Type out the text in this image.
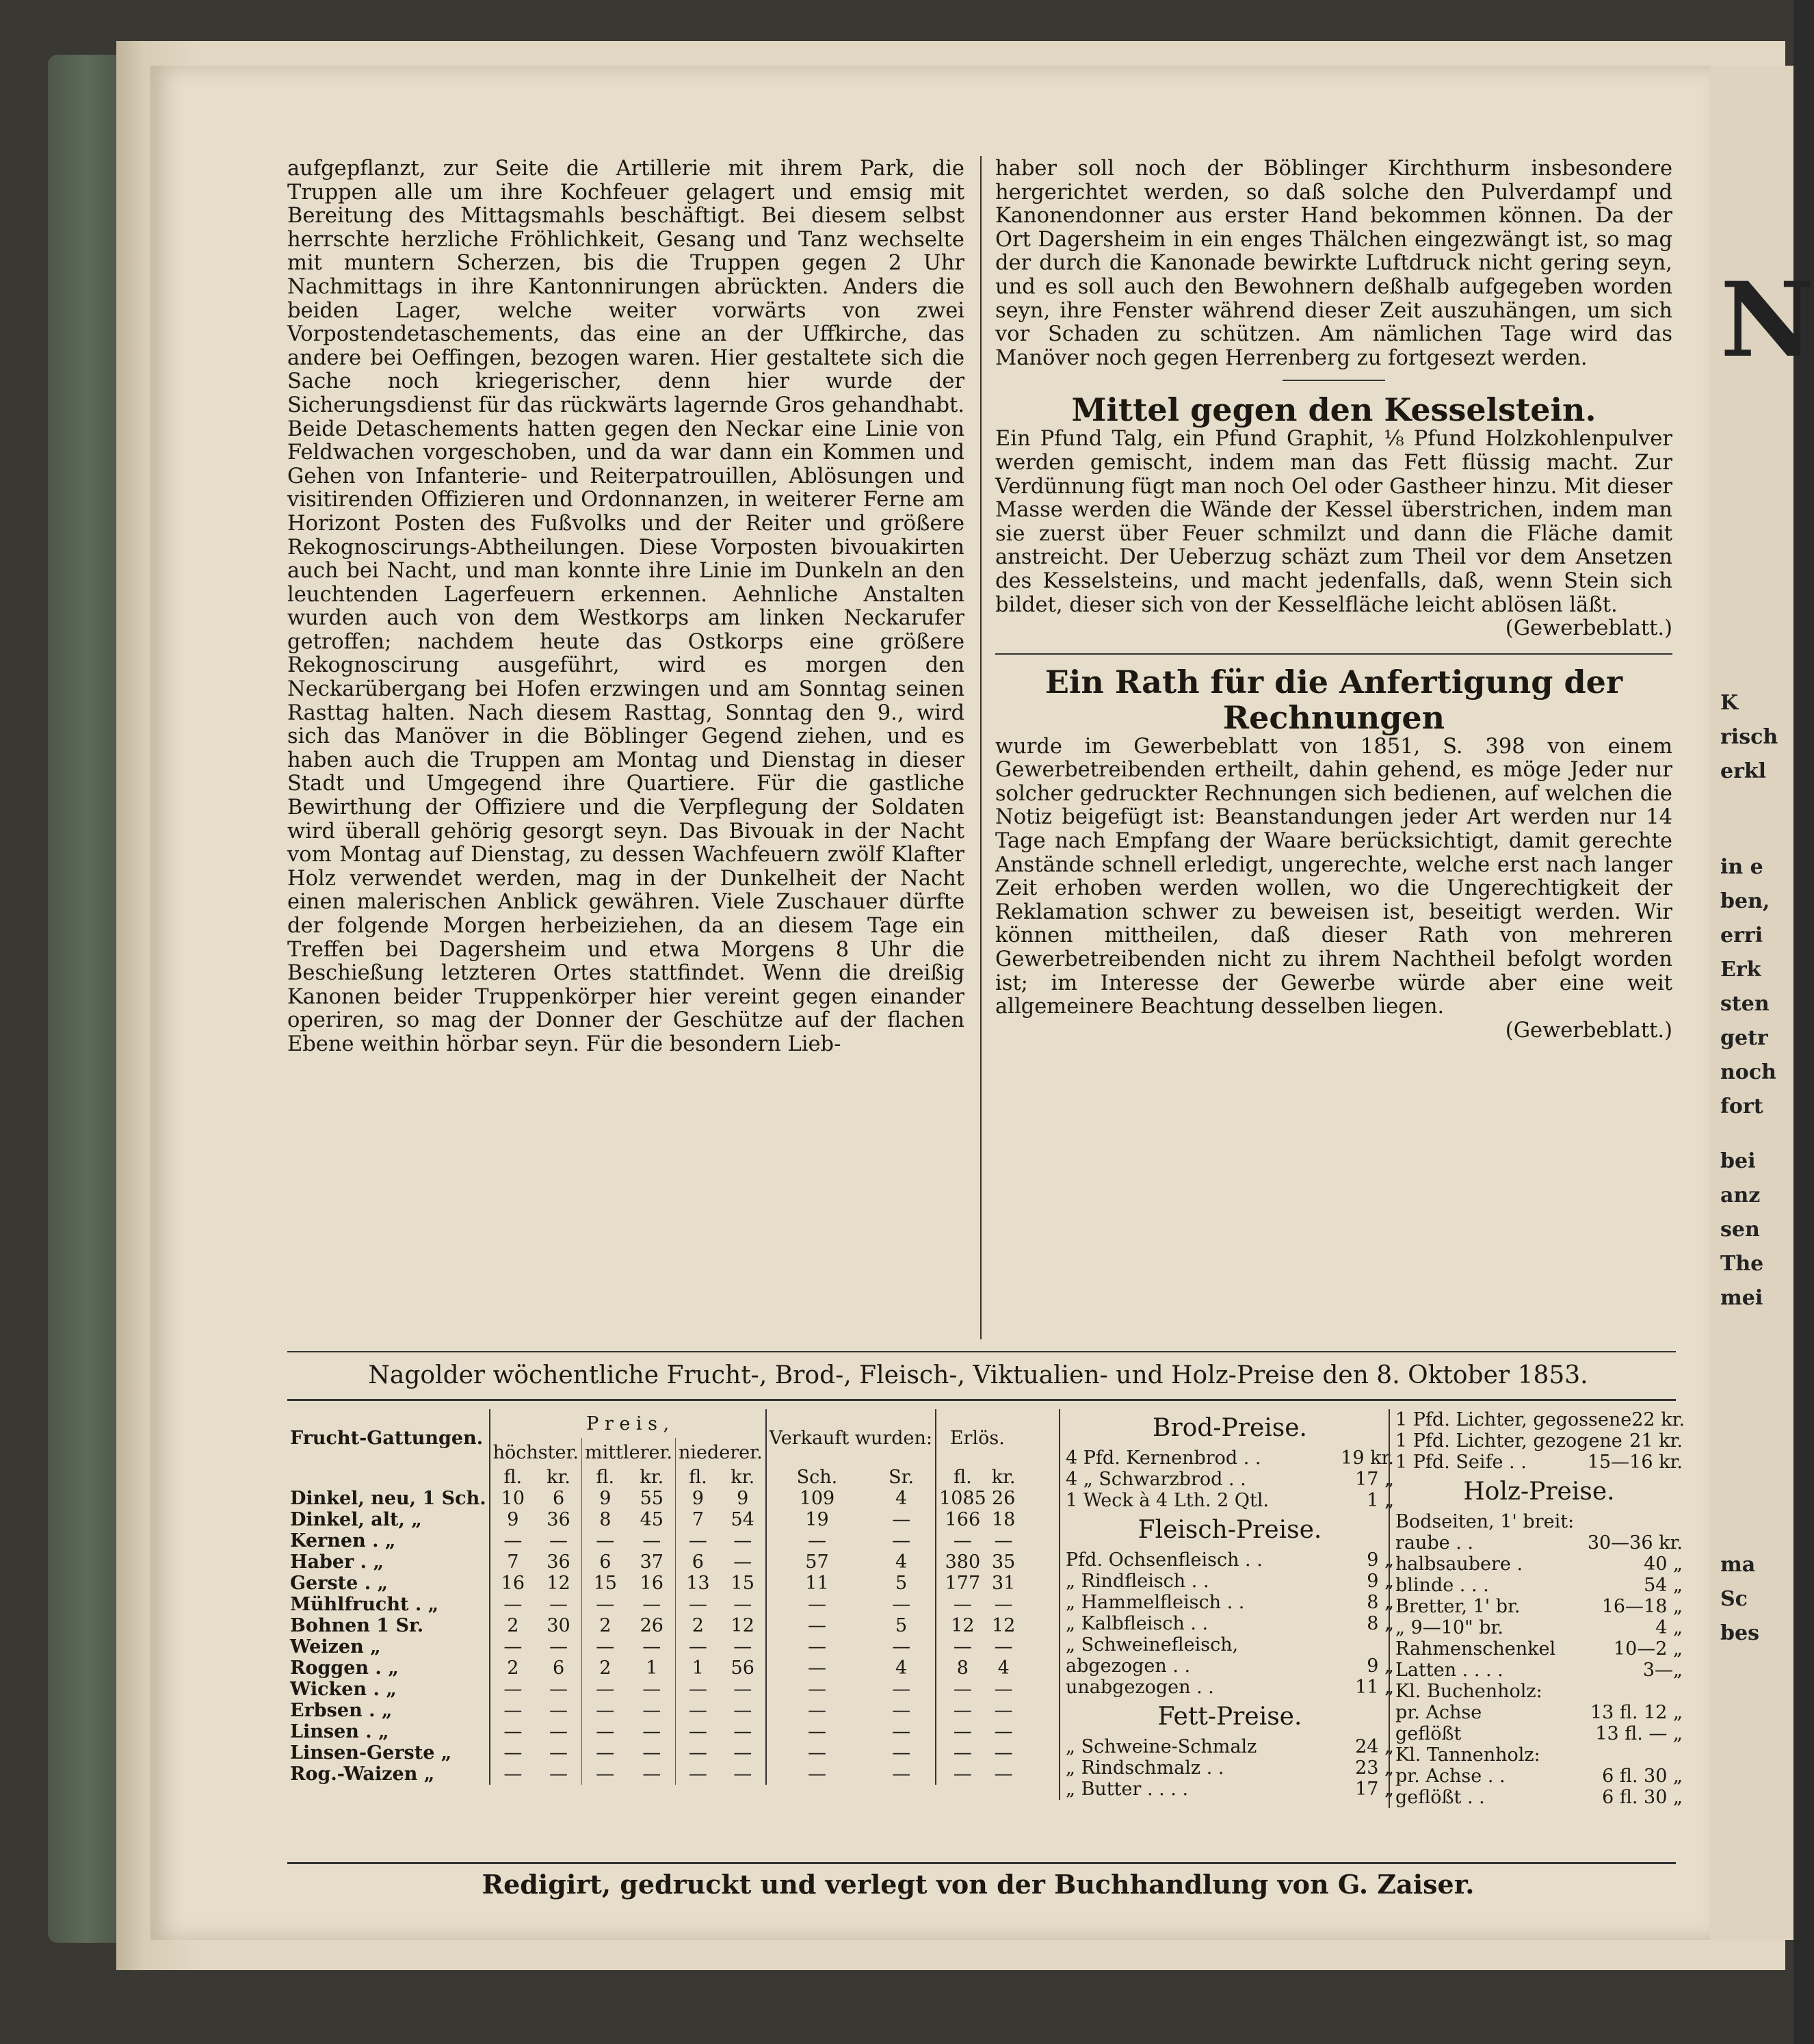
N
K
risch
erkl
in e
ben,
erri
Erk
sten
getr
noch
fort
bei
anz
sen
The
mei
ma
Sc
bes

aufgepflanzt, zur Seite die Artillerie mit ihrem Park, die Truppen alle um ihre Kochfeuer gelagert und emsig mit Bereitung des Mittagsmahls beschäftigt. Bei diesem selbst herrschte herzliche Fröhlichkeit, Gesang und Tanz wechselte mit muntern Scherzen, bis die Truppen gegen 2 Uhr Nachmittags in ihre Kantonnirungen abrückten. Anders die beiden Lager, welche weiter vorwärts von zwei Vorpostendetaschements, das eine an der Uffkirche, das andere bei Oeffingen, bezogen waren. Hier gestaltete sich die Sache noch kriegerischer, denn hier wurde der Sicherungsdienst für das rückwärts lagernde Gros gehandhabt. Beide Detaschements hatten gegen den Neckar eine Linie von Feldwachen vorgeschoben, und da war dann ein Kommen und Gehen von Infanterie- und Reiterpatrouillen, Ablösungen und visitirenden Offizieren und Ordonnanzen, in weiterer Ferne am Horizont Posten des Fußvolks und der Reiter und größere Rekognoscirungs-Abtheilungen. Diese Vorposten bivouakirten auch bei Nacht, und man konnte ihre Linie im Dunkeln an den leuchtenden Lagerfeuern erkennen. Aehnliche Anstalten wurden auch von dem Westkorps am linken Neckarufer getroffen; nachdem heute das Ostkorps eine größere Rekognoscirung ausgeführt, wird es morgen den Neckarübergang bei Hofen erzwingen und am Sonntag seinen Rasttag halten. Nach diesem Rasttag, Sonntag den 9., wird sich das Manöver in die Böblinger Gegend ziehen, und es haben auch die Truppen am Montag und Dienstag in dieser Stadt und Umgegend ihre Quartiere. Für die gastliche Bewirthung der Offiziere und die Verpflegung der Soldaten wird überall gehörig gesorgt seyn. Das Bivouak in der Nacht vom Montag auf Dienstag, zu dessen Wachfeuern zwölf Klafter Holz verwendet werden, mag in der Dunkelheit der Nacht einen malerischen Anblick gewähren. Viele Zuschauer dürfte der folgende Morgen herbeiziehen, da an diesem Tage ein Treffen bei Dagersheim und etwa Morgens 8 Uhr die Beschießung letzteren Ortes stattfindet. Wenn die dreißig Kanonen beider Truppenkörper hier vereint gegen einander operiren, so mag der Donner der Geschütze auf der flachen Ebene weithin hörbar seyn. Für die besondern Lieb-

haber soll noch der Böblinger Kirchthurm insbesondere hergerichtet werden, so daß solche den Pulverdampf und Kanonendonner aus erster Hand bekommen können. Da der Ort Dagersheim in ein enges Thälchen eingezwängt ist, so mag der durch die Kanonade bewirkte Luftdruck nicht gering seyn, und es soll auch den Bewohnern deßhalb aufgegeben worden seyn, ihre Fenster während dieser Zeit auszuhängen, um sich vor Schaden zu schützen. Am nämlichen Tage wird das Manöver noch gegen Herrenberg zu fortgesezt werden.

Mittel gegen den Kesselstein.

Ein Pfund Talg, ein Pfund Graphit, ⅛ Pfund Holzkohlenpulver werden gemischt, indem man das Fett flüssig macht. Zur Verdünnung fügt man noch Oel oder Gastheer hinzu. Mit dieser Masse werden die Wände der Kessel überstrichen, indem man sie zuerst über Feuer schmilzt und dann die Fläche damit anstreicht. Der Ueberzug schäzt zum Theil vor dem Ansetzen des Kesselsteins, und macht jedenfalls, daß, wenn Stein sich bildet, dieser sich von der Kesselfläche leicht ablösen läßt.

(Gewerbeblatt.)

Ein Rath für die Anfertigung der Rechnungen

wurde im Gewerbeblatt von 1851, S. 398 von einem Gewerbetreibenden ertheilt, dahin gehend, es möge Jeder nur solcher gedruckter Rechnungen sich bedienen, auf welchen die Notiz beigefügt ist: Beanstandungen jeder Art werden nur 14 Tage nach Empfang der Waare berücksichtigt, damit gerechte Anstände schnell erledigt, ungerechte, welche erst nach langer Zeit erhoben werden wollen, wo die Ungerechtigkeit der Reklamation schwer zu beweisen ist, beseitigt werden. Wir können mittheilen, daß dieser Rath von mehreren Gewerbetreibenden nicht zu ihrem Nachtheil befolgt worden ist; im Interesse der Gewerbe würde aber eine weit allgemeinere Beachtung desselben liegen.

(Gewerbeblatt.)

Nagolder wöchentliche Frucht-, Brod-, Fleisch-, Viktualien- und Holz-Preise den 8. Oktober 1853.
Frucht-Gattungen.	P r e i s ,						Verkauft wurden:		Erlös.	
	höchster.		mittlerer.		niederer.					
	fl.	kr.	fl.	kr.	fl.	kr.	Sch.	Sr.	fl.	kr.
Dinkel, neu, 1 Sch.	10	6	9	55	9	9	109	4	1085	26
Dinkel, alt, „	9	36	8	45	7	54	19	—	166	18
Kernen . „	—	—	—	—	—	—	—	—	—	—
Haber . „	7	36	6	37	6	—	57	4	380	35
Gerste . „	16	12	15	16	13	15	11	5	177	31
Mühlfrucht . „	—	—	—	—	—	—	—	—	—	—
Bohnen 1 Sr.	2	30	2	26	2	12	—	5	12	12
Weizen „	—	—	—	—	—	—	—	—	—	—
Roggen . „	2	6	2	1	1	56	—	4	8	4
Wicken . „	—	—	—	—	—	—	—	—	—	—
Erbsen . „	—	—	—	—	—	—	—	—	—	—
Linsen . „	—	—	—	—	—	—	—	—	—	—
Linsen-Gerste „	—	—	—	—	—	—	—	—	—	—
Rog.-Waizen „	—	—	—	—	—	—	—	—	—	—
Brod-Preise.
4 Pfd. Kernenbrod . .	19 kr.
4 „ Schwarzbrod . .	17 „
1 Weck à 4 Lth. 2 Qtl.	1 „
Fleisch-Preise.
Pfd. Ochsenfleisch . .	9 „
„ Rindfleisch . .	9 „
„ Hammelfleisch . .	8 „
„ Kalbfleisch . .	8 „
„ Schweinefleisch,
abgezogen . .	9 „
unabgezogen . .	11 „
Fett-Preise.
„ Schweine-Schmalz	24 „
„ Rindschmalz . .	23 „
„ Butter . . . .	17 „
1 Pfd. Lichter, gegossene 22 kr.
1 Pfd. Lichter, gezogene 21 kr.
1 Pfd. Seife . .	15—16 kr.
Holz-Preise.
Bodseiten, 1' breit:
raube . .	30—36 kr.
halbsaubere .	40 „
blinde . . .	54 „
Bretter, 1' br.	16—18 „
„ 9—10" br.	4 „
Rahmenschenkel	10—2 „
Latten . . . .	3—„
Kl. Buchenholz:
pr. Achse	13 fl. 12 „
geflößt	13 fl. — „
Kl. Tannenholz:
pr. Achse . .	6 fl. 30 „
geflößt . .	6 fl. 30 „
Redigirt, gedruckt und verlegt von der Buchhandlung von G. Zaiser.
